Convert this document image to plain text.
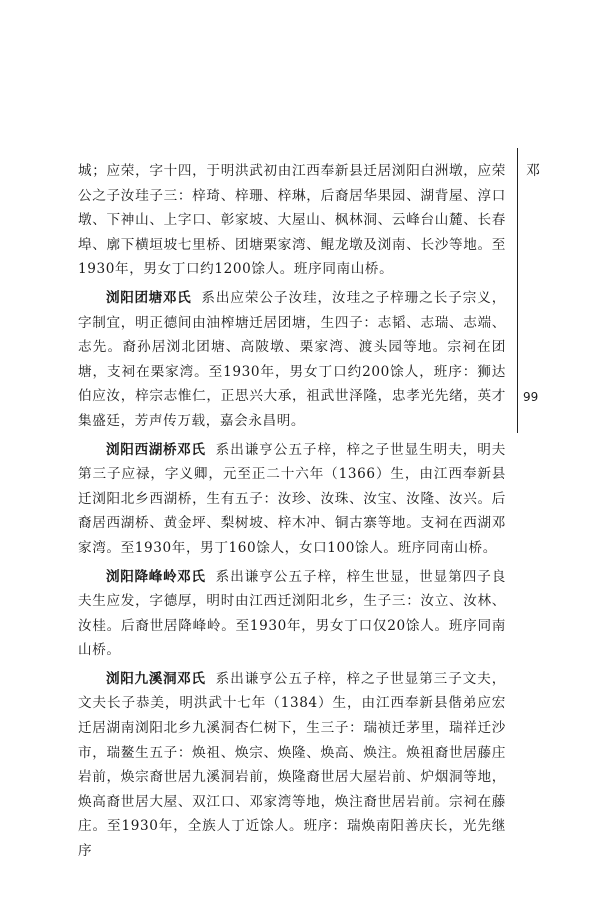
邓
99

城；应荣，字十四，于明洪武初由江西奉新县迁居浏阳白洲墩，应荣公之子汝珪子三：梓琦、梓珊、梓琳，后裔居华果园、湖背屋、淳口墩、下神山、上字口、彰家坡、大屋山、枫林洞、云峰台山麓、长春埠、廓下横垣坡七里桥、团塘栗家湾、鲲龙墩及浏南、长沙等地。至1930年，男女丁口约1200馀人。班序同南山桥。

浏阳团塘邓氏 系出应荣公子汝珪，汝珪之子梓珊之长子宗义，字制宜，明正德间由油榨塘迁居团塘，生四子：志韬、志瑞、志端、志先。裔孙居浏北团塘、高陂墩、栗家湾、渡头园等地。宗祠在团塘，支祠在栗家湾。至1930年，男女丁口约200馀人，班序：狮达伯应汝，梓宗志惟仁，正思兴大承，祖武世泽隆，忠孝光先绪，英才集盛廷，芳声传万载，嘉会永昌明。

浏阳西湖桥邓氏 系出谦亨公五子梓，梓之子世显生明夫，明夫第三子应禄，字义卿，元至正二十六年（1366）生，由江西奉新县迁浏阳北乡西湖桥，生有五子：汝珍、汝珠、汝宝、汝隆、汝兴。后裔居西湖桥、黄金坪、梨树坡、梓木冲、铜古寨等地。支祠在西湖邓家湾。至1930年，男丁160馀人，女口100馀人。班序同南山桥。

浏阳降峰岭邓氏 系出谦亨公五子梓，梓生世显，世显第四子良夫生应发，字德厚，明时由江西迁浏阳北乡，生子三：汝立、汝林、汝桂。后裔世居降峰岭。至1930年，男女丁口仅20馀人。班序同南山桥。

浏阳九溪洞邓氏 系出谦亨公五子梓，梓之子世显第三子文夫，文夫长子恭美，明洪武十七年（1384）生，由江西奉新县偕弟应宏迁居湖南浏阳北乡九溪洞杏仁树下，生三子：瑞祯迁茅里，瑞祥迁沙市，瑞鳌生五子：焕祖、焕宗、焕隆、焕高、焕注。焕祖裔世居藤庄岩前，焕宗裔世居九溪洞岩前，焕隆裔世居大屋岩前、炉烟洞等地，焕高裔世居大屋、双江口、邓家湾等地，焕注裔世居岩前。宗祠在藤庄。至1930年，全族人丁近馀人。班序：瑞焕南阳善庆长，光先继序
